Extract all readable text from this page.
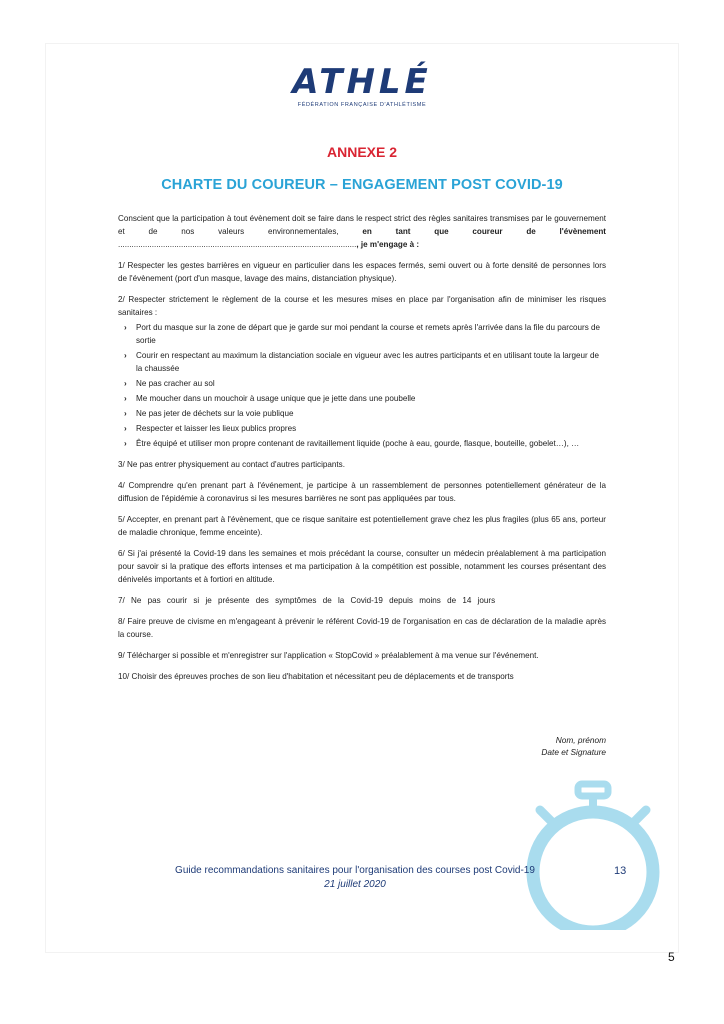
ATHLÉ
FÉDÉRATION FRANÇAISE D'ATHLÉTISME
ANNEXE 2
CHARTE DU COUREUR – ENGAGEMENT POST COVID-19

Conscient que la participation à tout évènement doit se faire dans le respect strict des règles sanitaires transmises par le gouvernement et de nos valeurs environnementales, en tant que coureur de l'évènement .........................................................................................................., je m'engage à :

1/ Respecter les gestes barrières en vigueur en particulier dans les espaces fermés, semi ouvert ou à forte densité de personnes lors de l'évènement (port d'un masque, lavage des mains, distanciation physique).

2/ Respecter strictement le règlement de la course et les mesures mises en place par l'organisation afin de minimiser les risques sanitaires :

› Port du masque sur la zone de départ que je garde sur moi pendant la course et remets après l'arrivée dans la file du parcours de sortie
› Courir en respectant au maximum la distanciation sociale en vigueur avec les autres participants et en utilisant toute la largeur de la chaussée
› Ne pas cracher au sol
› Me moucher dans un mouchoir à usage unique que je jette dans une poubelle
› Ne pas jeter de déchets sur la voie publique
› Respecter et laisser les lieux publics propres
› Être équipé et utiliser mon propre contenant de ravitaillement liquide (poche à eau, gourde, flasque, bouteille, gobelet…), …

3/ Ne pas entrer physiquement au contact d'autres participants.

4/ Comprendre qu'en prenant part à l'événement, je participe à un rassemblement de personnes potentiellement générateur de la diffusion de l'épidémie à coronavirus si les mesures barrières ne sont pas appliquées par tous.

5/ Accepter, en prenant part à l'évènement, que ce risque sanitaire est potentiellement grave chez les plus fragiles (plus 65 ans, porteur de maladie chronique, femme enceinte).

6/ Si j'ai présenté la Covid-19 dans les semaines et mois précédant la course, consulter un médecin préalablement à ma participation pour savoir si la pratique des efforts intenses et ma participation à la compétition est possible, notamment les courses présentant des dénivelés importants et à fortiori en altitude.

7/ Ne pas courir si je présente des symptômes de la Covid-19 depuis moins de 14 jours

8/ Faire preuve de civisme en m'engageant à prévenir le référent Covid-19 de l'organisation en cas de déclaration de la maladie après la course.

9/ Télécharger si possible et m'enregistrer sur l'application « StopCovid » préalablement à ma venue sur l'événement.

10/ Choisir des épreuves proches de son lieu d'habitation et nécessitant peu de déplacements et de transports

Nom, prénom
Date et Signature
Guide recommandations sanitaires pour l'organisation des courses post Covid-19
21 juillet 2020
13
5
